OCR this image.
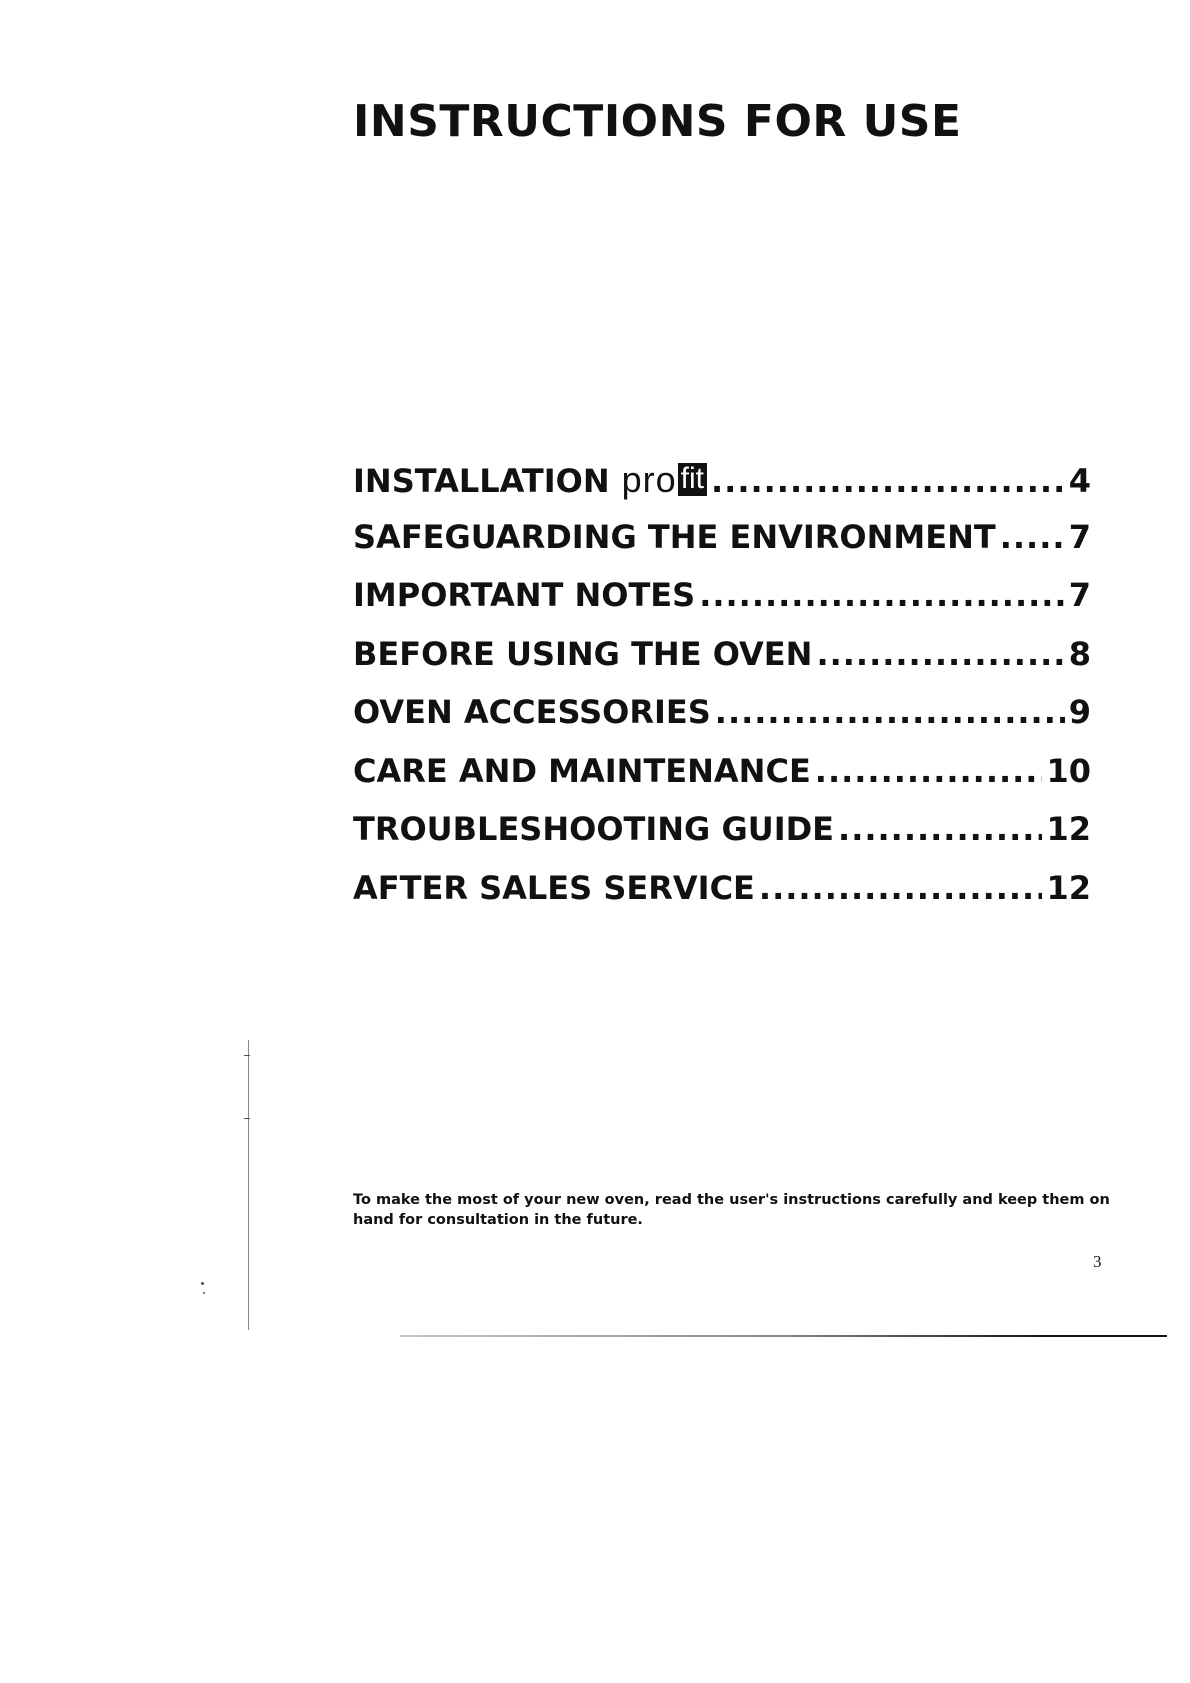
INSTRUCTIONS FOR USE
INSTALLATION pro fit .....	4
SAFEGUARDING THE ENVIRONMENT ..... 7
IMPORTANT NOTES .....	7
BEFORE USING THE OVEN .....	8
OVEN ACCESSORIES .....	9
CARE AND MAINTENANCE .....	10
TROUBLESHOOTING GUIDE .....	12
AFTER SALES SERVICE .....	12

To make the most of your new oven, read the user's instructions carefully and keep them on hand for consultation in the future.

3
